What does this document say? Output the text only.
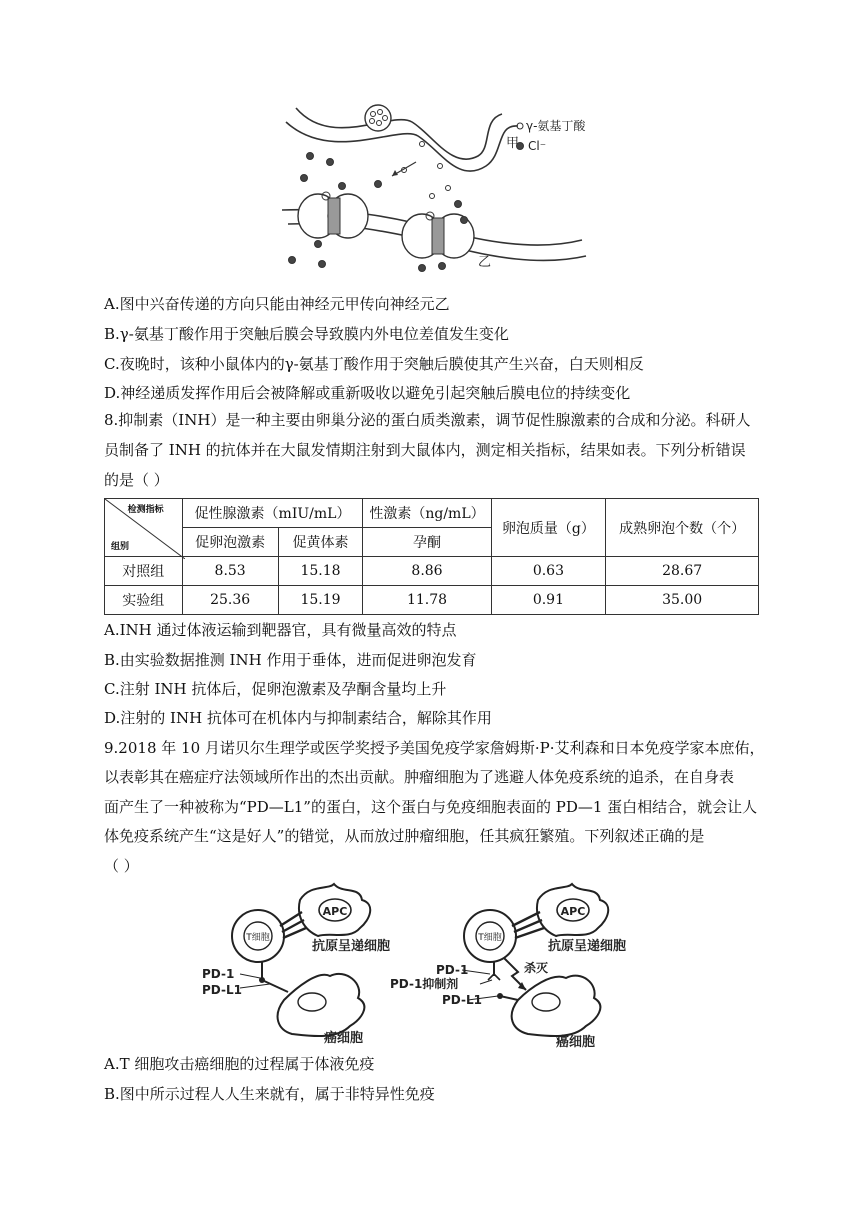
γ-氨基丁酸
Cl⁻
甲
乙
A.图中兴奋传递的方向只能由神经元甲传向神经元乙
B.γ-氨基丁酸作用于突触后膜会导致膜内外电位差值发生变化
C.夜晚时，该种小鼠体内的γ-氨基丁酸作用于突触后膜使其产生兴奋，白天则相反
D.神经递质发挥作用后会被降解或重新吸收以避免引起突触后膜电位的持续变化
8.抑制素（INH）是一种主要由卵巢分泌的蛋白质类激素，调节促性腺激素的合成和分泌。科研人
员制备了 INH 的抗体并在大鼠发情期注射到大鼠体内，测定相关指标，结果如表。下列分析错误
的是（ ）
检测指标
组别	促性腺激素（mIU/mL）		性激素（ng/mL）	卵泡质量（g）	成熟卵泡个数（个）
	促卵泡激素	促黄体素	孕酮		
对照组	8.53	15.18	8.86	0.63	28.67
实验组	25.36	15.19	11.78	0.91	35.00
A.INH 通过体液运输到靶器官，具有微量高效的特点
B.由实验数据推测 INH 作用于垂体，进而促进卵泡发育
C.注射 INH 抗体后，促卵泡激素及孕酮含量均上升
D.注射的 INH 抗体可在机体内与抑制素结合，解除其作用
9.2018 年 10 月诺贝尔生理学或医学奖授予美国免疫学家詹姆斯·P·艾利森和日本免疫学家本庶佑，
以表彰其在癌症疗法领域所作出的杰出贡献。肿瘤细胞为了逃避人体免疫系统的追杀，在自身表
面产生了一种被称为“PD—L1”的蛋白，这个蛋白与免疫细胞表面的 PD—1 蛋白相结合，就会让人
体免疫系统产生“这是好人”的错觉，从而放过肿瘤细胞，任其疯狂繁殖。下列叙述正确的是
（ ）
APC
T细胞
抗原呈递细胞
癌细胞
PD-1
PD-L1
APC
T细胞
抗原呈递细胞
癌细胞
杀灭
PD-1
PD-1抑制剂
PD-L1
A.T 细胞攻击癌细胞的过程属于体液免疫
B.图中所示过程人人生来就有，属于非特异性免疫
